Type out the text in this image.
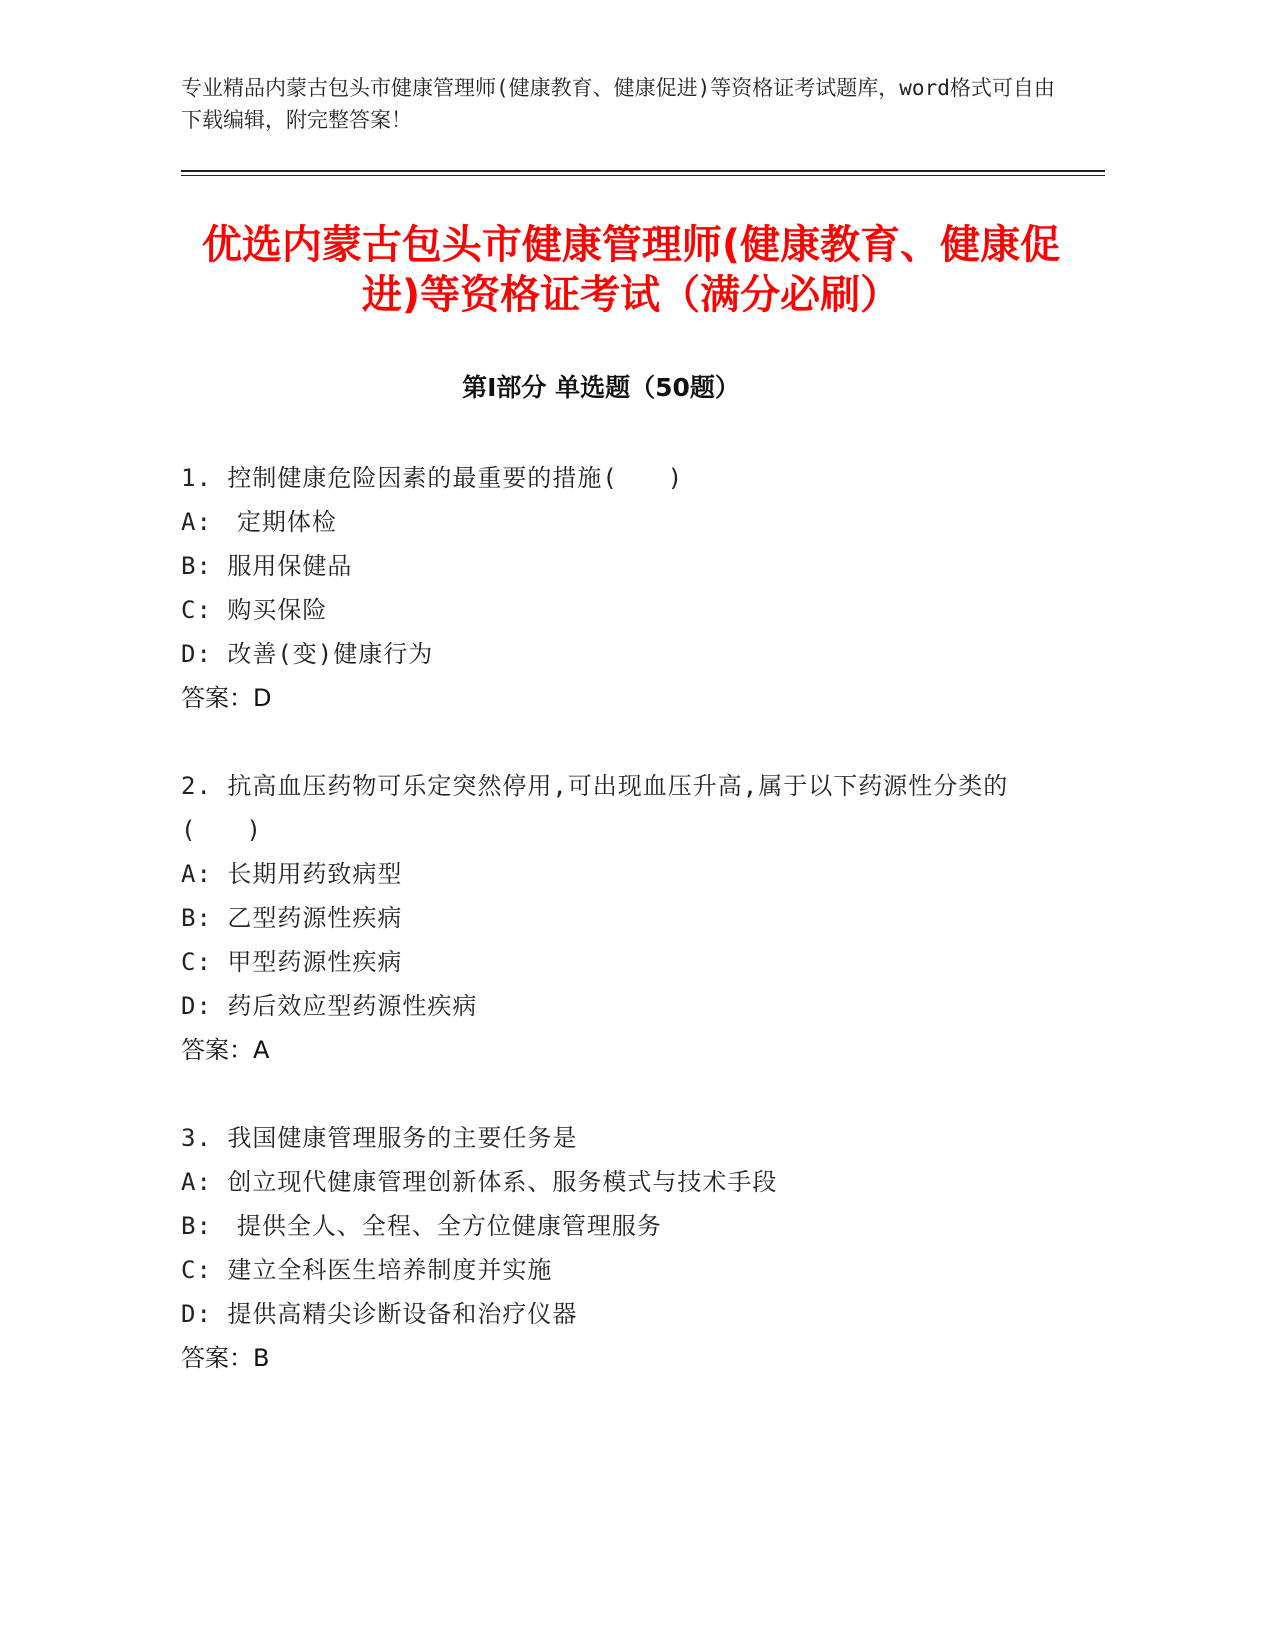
专业精品内蒙古包头市健康管理师(健康教育、健康促进)等资格证考试题库，word格式可自由下载编辑，附完整答案！
优选内蒙古包头市健康管理师(健康教育、健康促进)等资格证考试（满分必刷）
第Ⅰ部分 单选题（50题）
1. 控制健康危险因素的最重要的措施(　　)
A:　定期体检
B: 服用保健品
C: 购买保险
D: 改善(变)健康行为
答案：D
2. 抗高血压药物可乐定突然停用,可出现血压升高,属于以下药源性分类的(　　)
A: 长期用药致病型
B: 乙型药源性疾病
C: 甲型药源性疾病
D: 药后效应型药源性疾病
答案：A
3. 我国健康管理服务的主要任务是
A: 创立现代健康管理创新体系、服务模式与技术手段
B:　提供全人、全程、全方位健康管理服务
C: 建立全科医生培养制度并实施
D: 提供高精尖诊断设备和治疗仪器
答案：B
